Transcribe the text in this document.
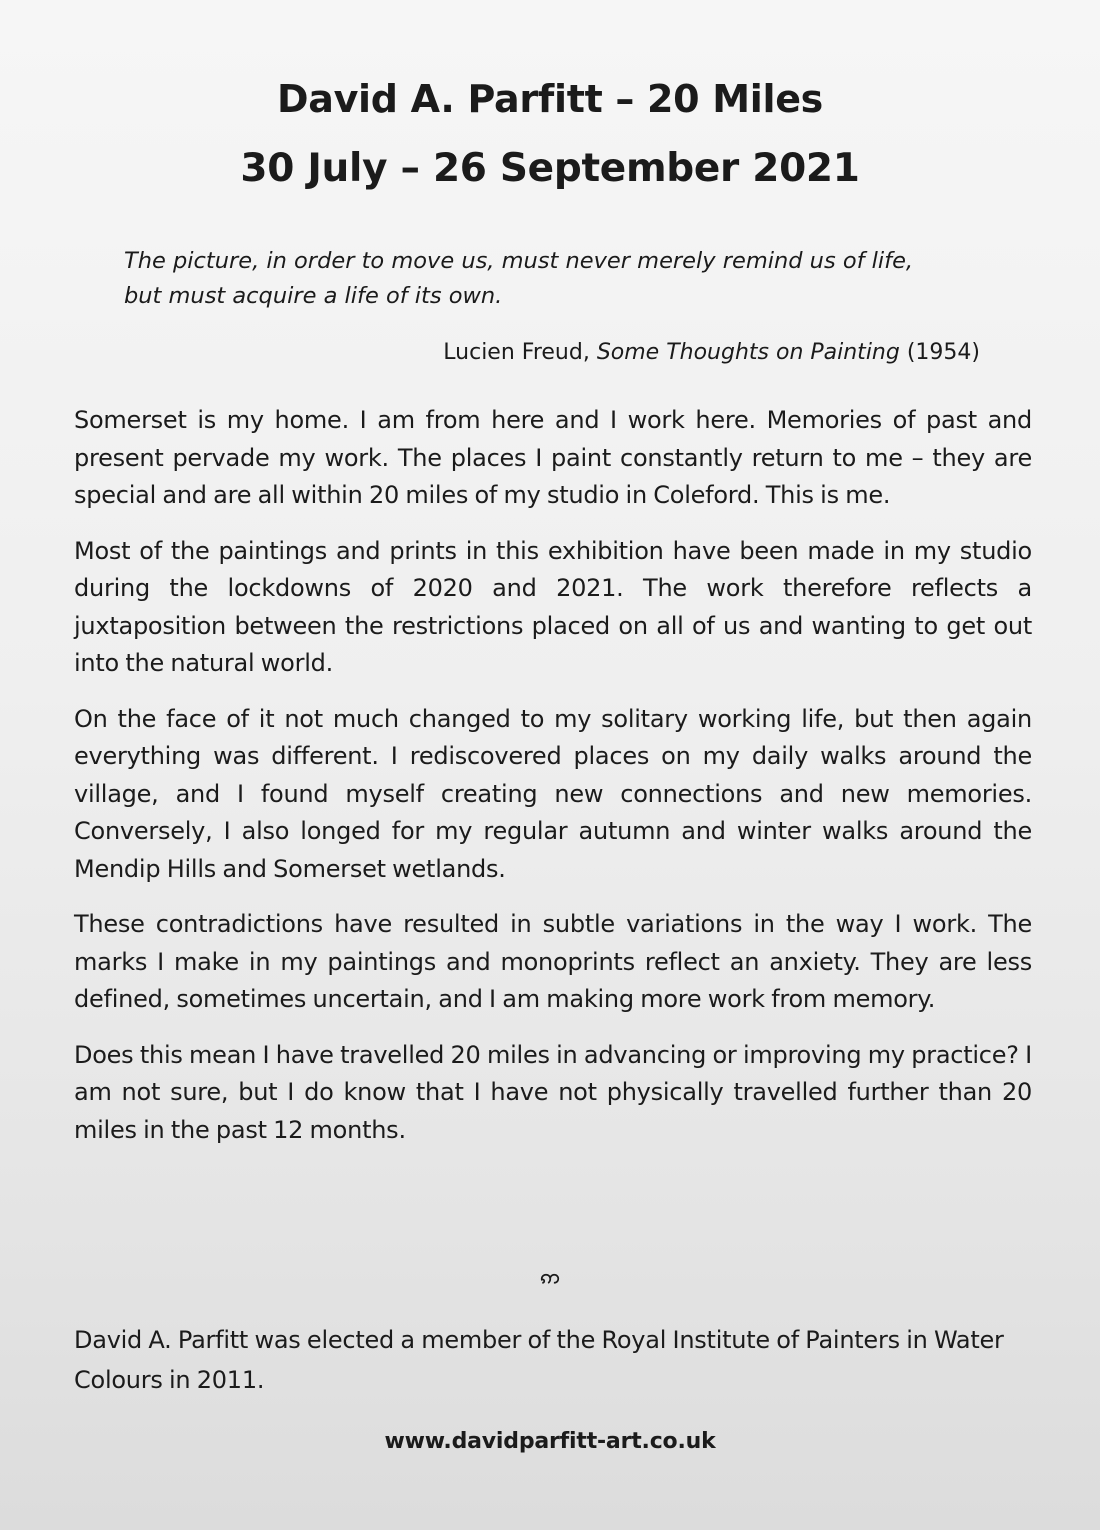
David A. Parfitt – 20 Miles
30 July – 26 September 2021
The picture, in order to move us, must never merely remind us of life,
but must acquire a life of its own.
Lucien Freud, Some Thoughts on Painting (1954)

Somerset is my home. I am from here and I work here. Memories of past and present pervade my work. The places I paint constantly return to me – they are special and are all within 20 miles of my studio in Coleford. This is me.

Most of the paintings and prints in this exhibition have been made in my studio during the lockdowns of 2020 and 2021. The work therefore reflects a juxtaposition between the restrictions placed on all of us and wanting to get out into the natural world.

On the face of it not much changed to my solitary working life, but then again everything was different. I rediscovered places on my daily walks around the village, and I found myself creating new connections and new memories. Conversely, I also longed for my regular autumn and winter walks around the Mendip Hills and Somerset wetlands.

These contradictions have resulted in subtle variations in the way I work. The marks I make in my paintings and monoprints reflect an anxiety. They are less defined, sometimes uncertain, and I am making more work from memory.

Does this mean I have travelled 20 miles in advancing or improving my practice? I am not sure, but I do know that I have not physically travelled further than 20 miles in the past 12 months.

ဢ

David A. Parfitt was elected a member of the Royal Institute of Painters in Water Colours in 2011.

www.davidparfitt-art.co.uk
